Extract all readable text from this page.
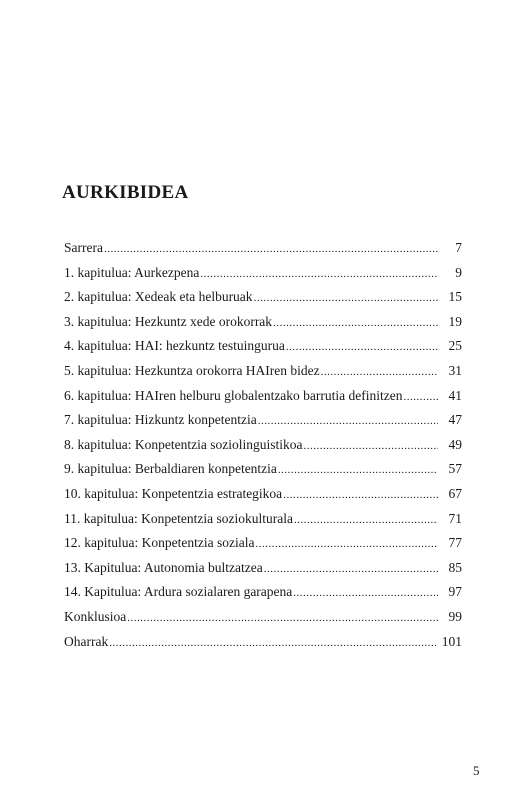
AURKIBIDEA
Sarrera .....	7
1. kapitulua: Aurkezpena .....	9
2. kapitulua: Xedeak eta helburuak .....	15
3. kapitulua: Hezkuntz xede orokorrak .....	19
4. kapitulua: HAI: hezkuntz testuingurua .....	25
5. kapitulua: Hezkuntza orokorra HAIren bidez .....	31
6. kapitulua: HAIren helburu globalentzako barrutia definitzen .....	41
7. kapitulua: Hizkuntz konpetentzia .....	47
8. kapitulua: Konpetentzia soziolinguistikoa .....	49
9. kapitulua: Berbaldiaren konpetentzia .....	57
10. kapitulua: Konpetentzia estrategikoa .....	67
11. kapitulua: Konpetentzia soziokulturala .....	71
12. kapitulua: Konpetentzia soziala .....	77
13. Kapitulua: Autonomia bultzatzea .....	85
14. Kapitulua: Ardura sozialaren garapena .....	97
Konklusioa .....	99
Oharrak .....	101
5
